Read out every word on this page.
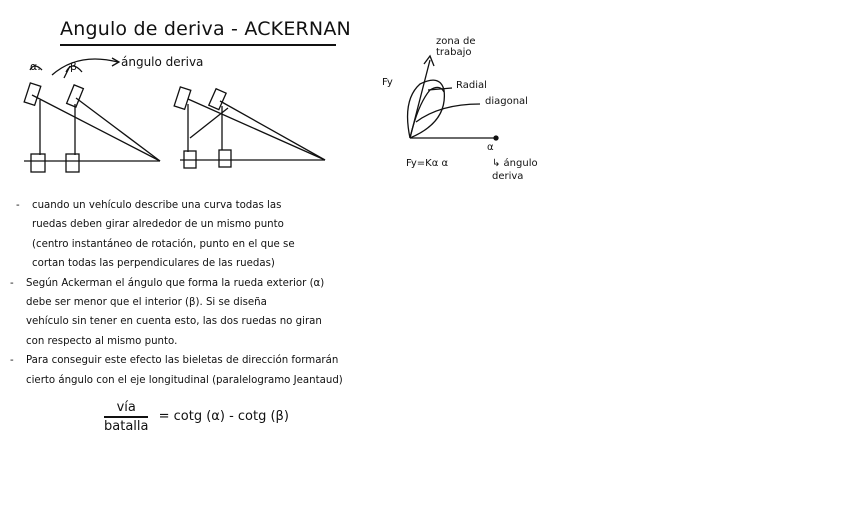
Angulo de deriva - ACKERNAN
α.	β	ángulo deriva
Fy
zona de trabajo
Radial
diagonal
α
Fy=Kα α	↳ ángulo deriva
- cuando un vehículo describe una curva todas las
ruedas deben girar alrededor de un mismo punto
(centro instantáneo de rotación, punto en el que se
cortan todas las perpendiculares de las ruedas)
- Según Ackerman el ángulo que forma la rueda exterior (α)
debe ser menor que el interior (β). Si se diseña
vehículo sin tener en cuenta esto, las dos ruedas no giran
con respecto al mismo punto.
- Para conseguir este efecto las bieletas de dirección formarán
cierto ángulo con el eje longitudinal (paralelogramo Jeantaud)
$\frac{\text{vía}}{\text{batalla}} = \cot g$ (α) - cotg (β)
